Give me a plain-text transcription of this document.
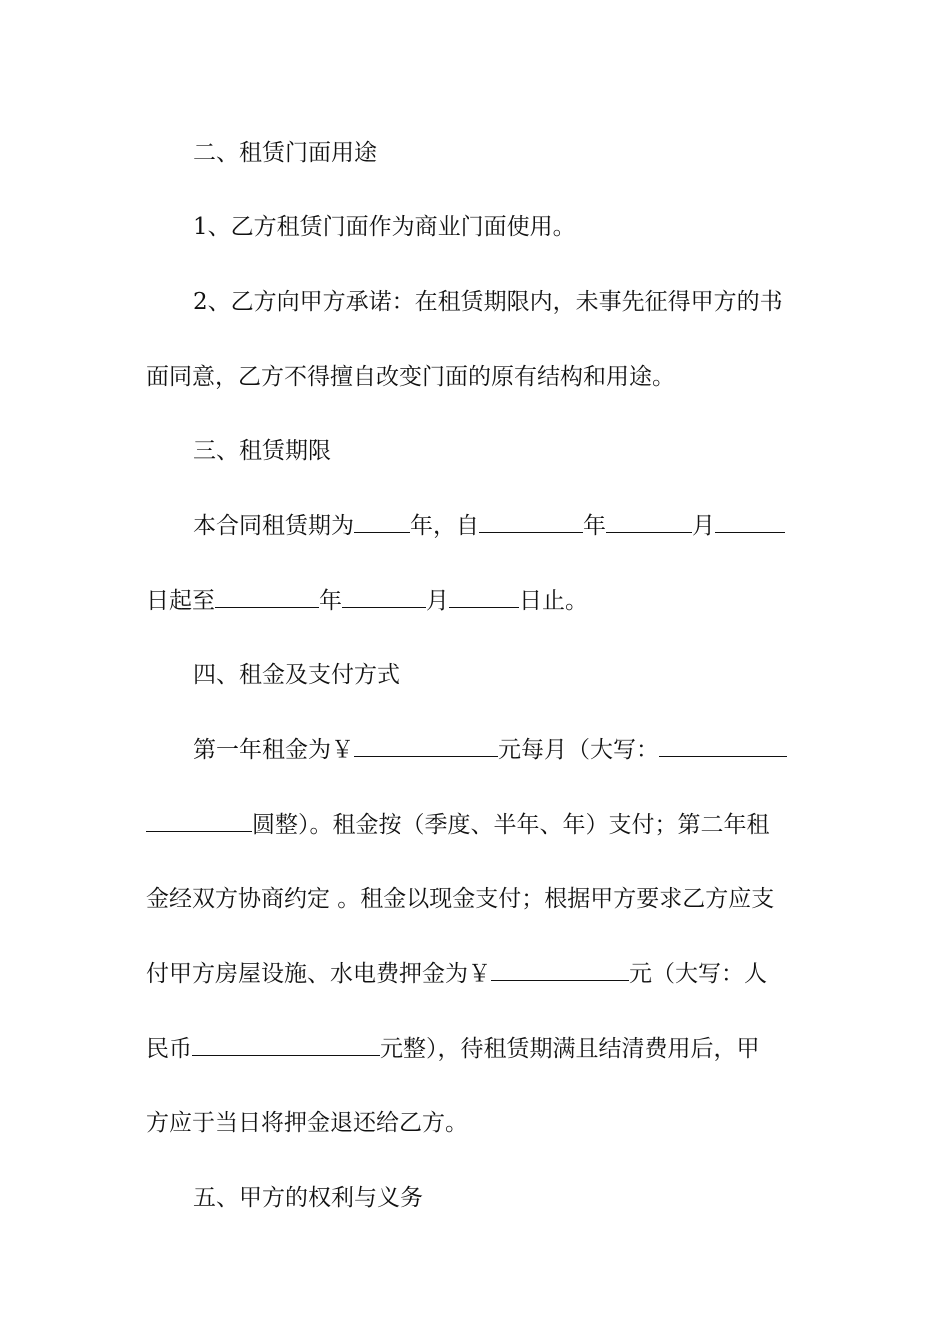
二、租赁门面用途
1、乙方租赁门面作为商业门面使用。
2、乙方向甲方承诺：在租赁期限内，未事先征得甲方的书
面同意，乙方不得擅自改变门面的原有结构和用途。
三、租赁期限
本合同租赁期为 年，自	年	月
日起至	年	月	日止。
四、租金及支付方式
第一年租金为￥	元每月（大写：
圆整）。租金按（季度、半年、年）支付；第二年租
金经双方协商约定 。租金以现金支付；根据甲方要求乙方应支
付甲方房屋设施、水电费押金为￥	元（大写：人
民币	元整），待租赁期满且结清费用后，甲
方应于当日将押金退还给乙方。
五、甲方的权利与义务
